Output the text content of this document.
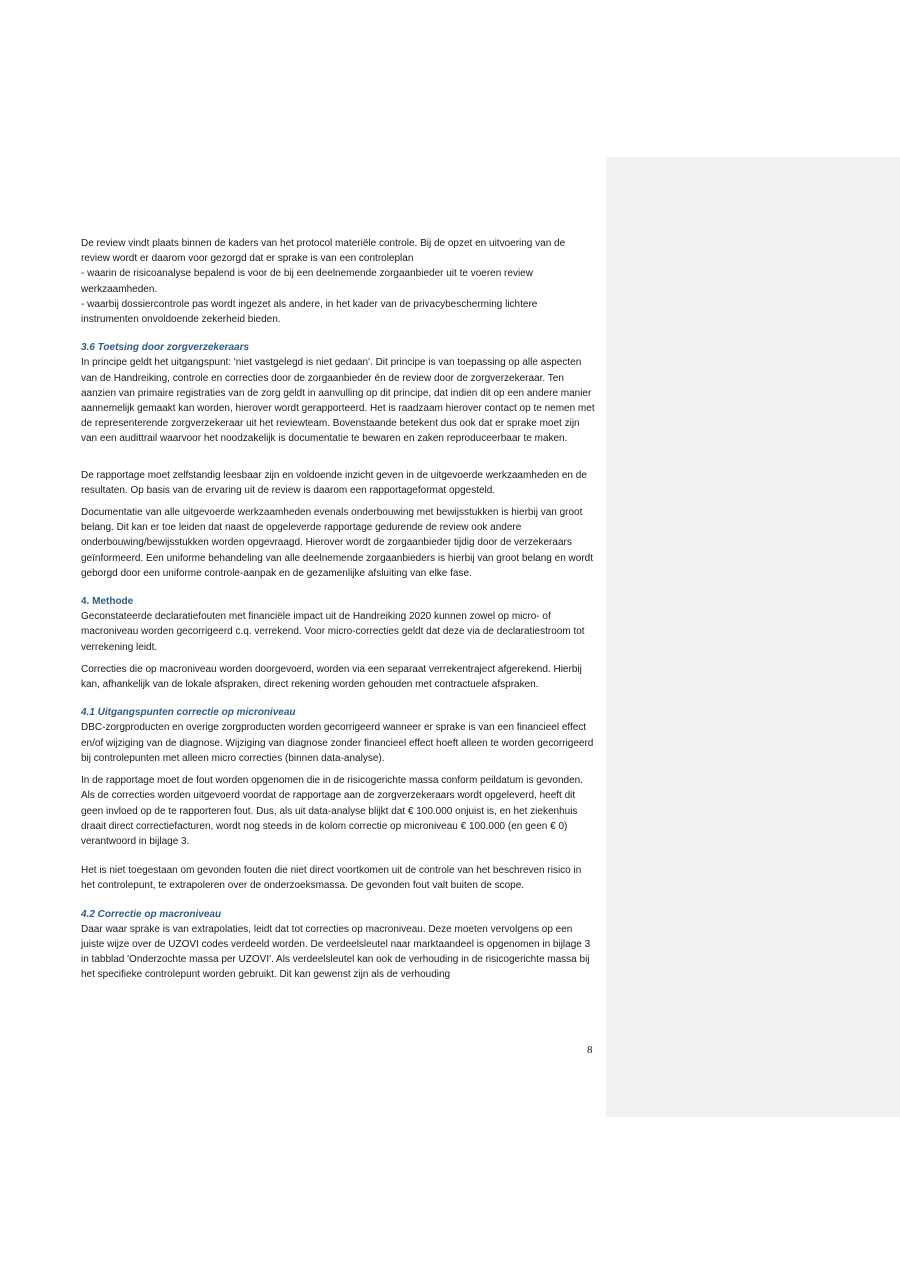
De review vindt plaats binnen de kaders van het protocol materiële controle. Bij de opzet en uitvoering van de review wordt er daarom voor gezorgd dat er sprake is van een controleplan

- waarin de risicoanalyse bepalend is voor de bij een deelnemende zorgaanbieder uit te voeren review werkzaamheden.

- waarbij dossiercontrole pas wordt ingezet als andere, in het kader van de privacybescherming lichtere instrumenten onvoldoende zekerheid bieden.

3.6 Toetsing door zorgverzekeraars

In principe geldt het uitgangspunt: 'niet vastgelegd is niet gedaan'. Dit principe is van toepassing op alle aspecten van de Handreiking, controle en correcties door de zorgaanbieder én de review door de zorgverzekeraar. Ten aanzien van primaire registraties van de zorg geldt in aanvulling op dit principe, dat indien dit op een andere manier aannemelijk gemaakt kan worden, hierover wordt gerapporteerd. Het is raadzaam hierover contact op te nemen met de representerende zorgverzekeraar uit het reviewteam. Bovenstaande betekent dus ook dat er sprake moet zijn van een audittrail waarvoor het noodzakelijk is documentatie te bewaren en zaken reproduceerbaar te maken.

De rapportage moet zelfstandig leesbaar zijn en voldoende inzicht geven in de uitgevoerde werkzaamheden en de resultaten. Op basis van de ervaring uit de review is daarom een rapportageformat opgesteld.

Documentatie van alle uitgevoerde werkzaamheden evenals onderbouwing met bewijsstukken is hierbij van groot belang. Dit kan er toe leiden dat naast de opgeleverde rapportage gedurende de review ook andere onderbouwing/bewijsstukken worden opgevraagd. Hierover wordt de zorgaanbieder tijdig door de verzekeraars geïnformeerd. Een uniforme behandeling van alle deelnemende zorgaanbieders is hierbij van groot belang en wordt geborgd door een uniforme controle-aanpak en de gezamenlijke afsluiting van elke fase.

4. Methode

Geconstateerde declaratiefouten met financiële impact uit de Handreiking 2020 kunnen zowel op micro- of macroniveau worden gecorrigeerd c.q. verrekend. Voor micro-correcties geldt dat deze via de declaratiestroom tot verrekening leidt.

Correcties die op macroniveau worden doorgevoerd, worden via een separaat verrekentraject afgerekend. Hierbij kan, afhankelijk van de lokale afspraken, direct rekening worden gehouden met contractuele afspraken.

4.1 Uitgangspunten correctie op microniveau

DBC-zorgproducten en overige zorgproducten worden gecorrigeerd wanneer er sprake is van een financieel effect en/of wijziging van de diagnose. Wijziging van diagnose zonder financieel effect hoeft alleen te worden gecorrigeerd bij controlepunten met alleen micro correcties (binnen data-analyse).

In de rapportage moet de fout worden opgenomen die in de risicogerichte massa conform peildatum is gevonden. Als de correcties worden uitgevoerd voordat de rapportage aan de zorgverzekeraars wordt opgeleverd, heeft dit geen invloed op de te rapporteren fout. Dus, als uit data-analyse blijkt dat € 100.000 onjuist is, en het ziekenhuis draait direct correctiefacturen, wordt nog steeds in de kolom correctie op microniveau € 100.000 (en geen € 0) verantwoord in bijlage 3.

Het is niet toegestaan om gevonden fouten die niet direct voortkomen uit de controle van het beschreven risico in het controlepunt, te extrapoleren over de onderzoeksmassa. De gevonden fout valt buiten de scope.

4.2 Correctie op macroniveau

Daar waar sprake is van extrapolaties, leidt dat tot correcties op macroniveau. Deze moeten vervolgens op een juiste wijze over de UZOVI codes verdeeld worden. De verdeelsleutel naar marktaandeel is opgenomen in bijlage 3 in tabblad 'Onderzochte massa per UZOVI'. Als verdeelsleutel kan ook de verhouding in de risicogerichte massa bij het specifieke controlepunt worden gebruikt. Dit kan gewenst zijn als de verhouding

8
